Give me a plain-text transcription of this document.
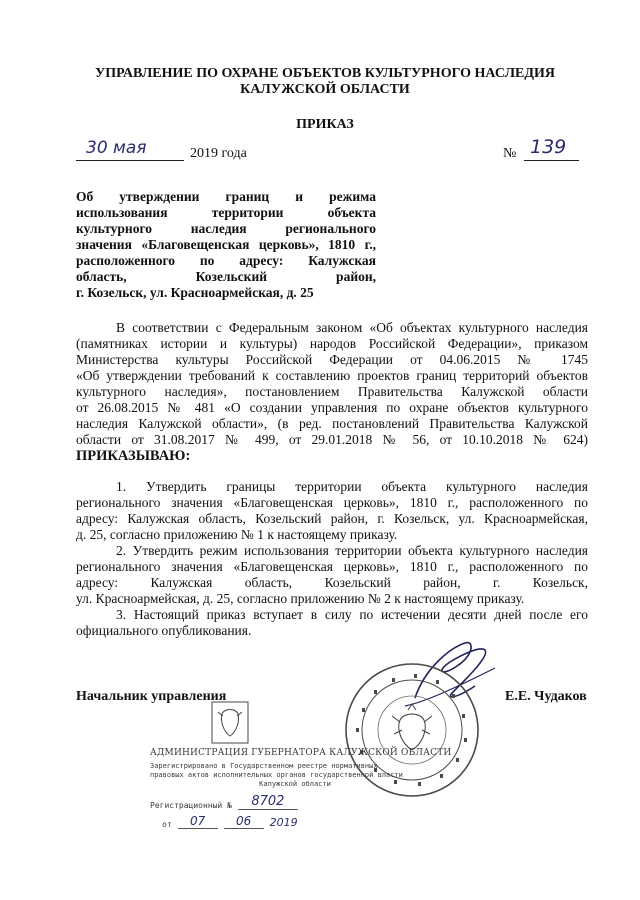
УПРАВЛЕНИЕ ПО ОХРАНЕ ОБЪЕКТОВ КУЛЬТУРНОГО НАСЛЕДИЯ
КАЛУЖСКОЙ ОБЛАСТИ
ПРИКАЗ
30 мая	2019 года	№ 139
Об утверждении границ и режима
использования территории объекта
культурного наследия регионального
значения «Благовещенская церковь», 1810 г.,
расположенного по адресу: Калужская
область, Козельский район,
г. Козельск, ул. Красноармейская, д. 25
В соответствии с Федеральным законом «Об объектах культурного наследия
(памятниках истории и культуры) народов Российской Федерации», приказом
Министерства культуры Российской Федерации от 04.06.2015 № 1745
«Об утверждении требований к составлению проектов границ территорий объектов
культурного наследия», постановлением Правительства Калужской области
от 26.08.2015 № 481 «О создании управления по охране объектов культурного
наследия Калужской области», (в ред. постановлений Правительства Калужской
области от 31.08.2017 № 499, от 29.01.2018 № 56, от 10.10.2018 № 624)
ПРИКАЗЫВАЮ:
1. Утвердить границы территории объекта культурного наследия
регионального значения «Благовещенская церковь», 1810 г., расположенного по
адресу: Калужская область, Козельский район, г. Козельск, ул. Красноармейская,
д. 25, согласно приложению № 1 к настоящему приказу.
2. Утвердить режим использования территории объекта культурного наследия
регионального значения «Благовещенская церковь», 1810 г., расположенного по
адресу: Калужская область, Козельский район, г. Козельск,
ул. Красноармейская, д. 25, согласно приложению № 2 к настоящему приказу.
3. Настоящий приказ вступает в силу по истечении десяти дней после его
официального опубликования.
Начальник управления	Е.Е. Чудаков
АДМИНИСТРАЦИЯ ГУБЕРНАТОРА КАЛУЖСКОЙ ОБЛАСТИ
Зарегистрировано в Государственном реестре нормативных
правовых актов исполнительных органов государственной власти
Калужской области
Регистрационный №	8702
от	07	06	2019
